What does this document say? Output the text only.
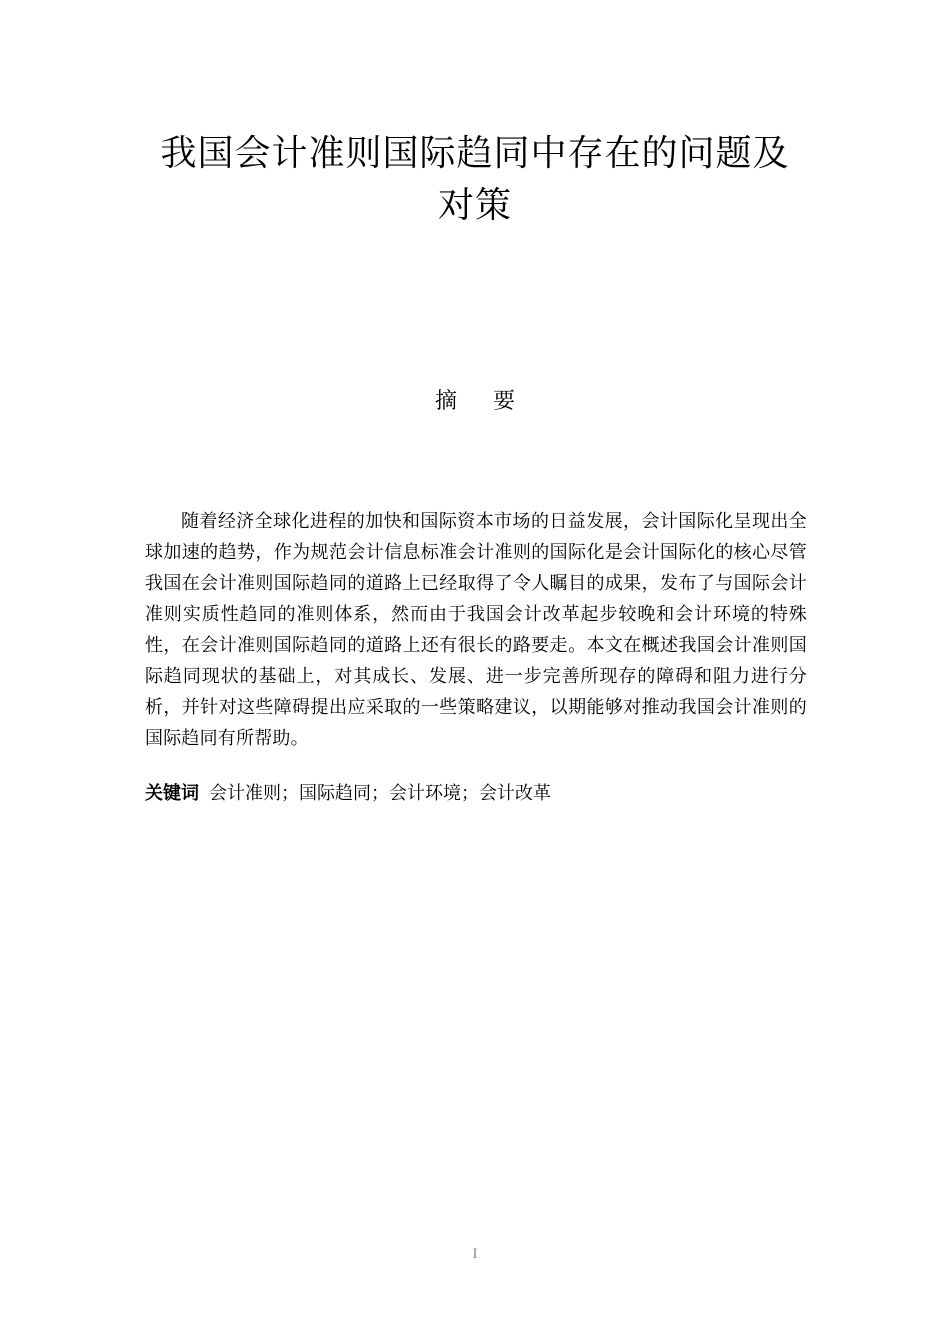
我国会计准则国际趋同中存在的问题及
对策
摘 要

随着经济全球化进程的加快和国际资本市场的日益发展，会计国际化呈现出全球加速的趋势，作为规范会计信息标准会计准则的国际化是会计国际化的核心尽管我国在会计准则国际趋同的道路上已经取得了令人瞩目的成果，发布了与国际会计准则实质性趋同的准则体系，然而由于我国会计改革起步较晚和会计环境的特殊性，在会计准则国际趋同的道路上还有很长的路要走。本文在概述我国会计准则国际趋同现状的基础上，对其成长、发展、进一步完善所现存的障碍和阻力进行分析，并针对这些障碍提出应采取的一些策略建议，以期能够对推动我国会计准则的国际趋同有所帮助。

关键词 会计准则；国际趋同；会计环境；会计改革

I
